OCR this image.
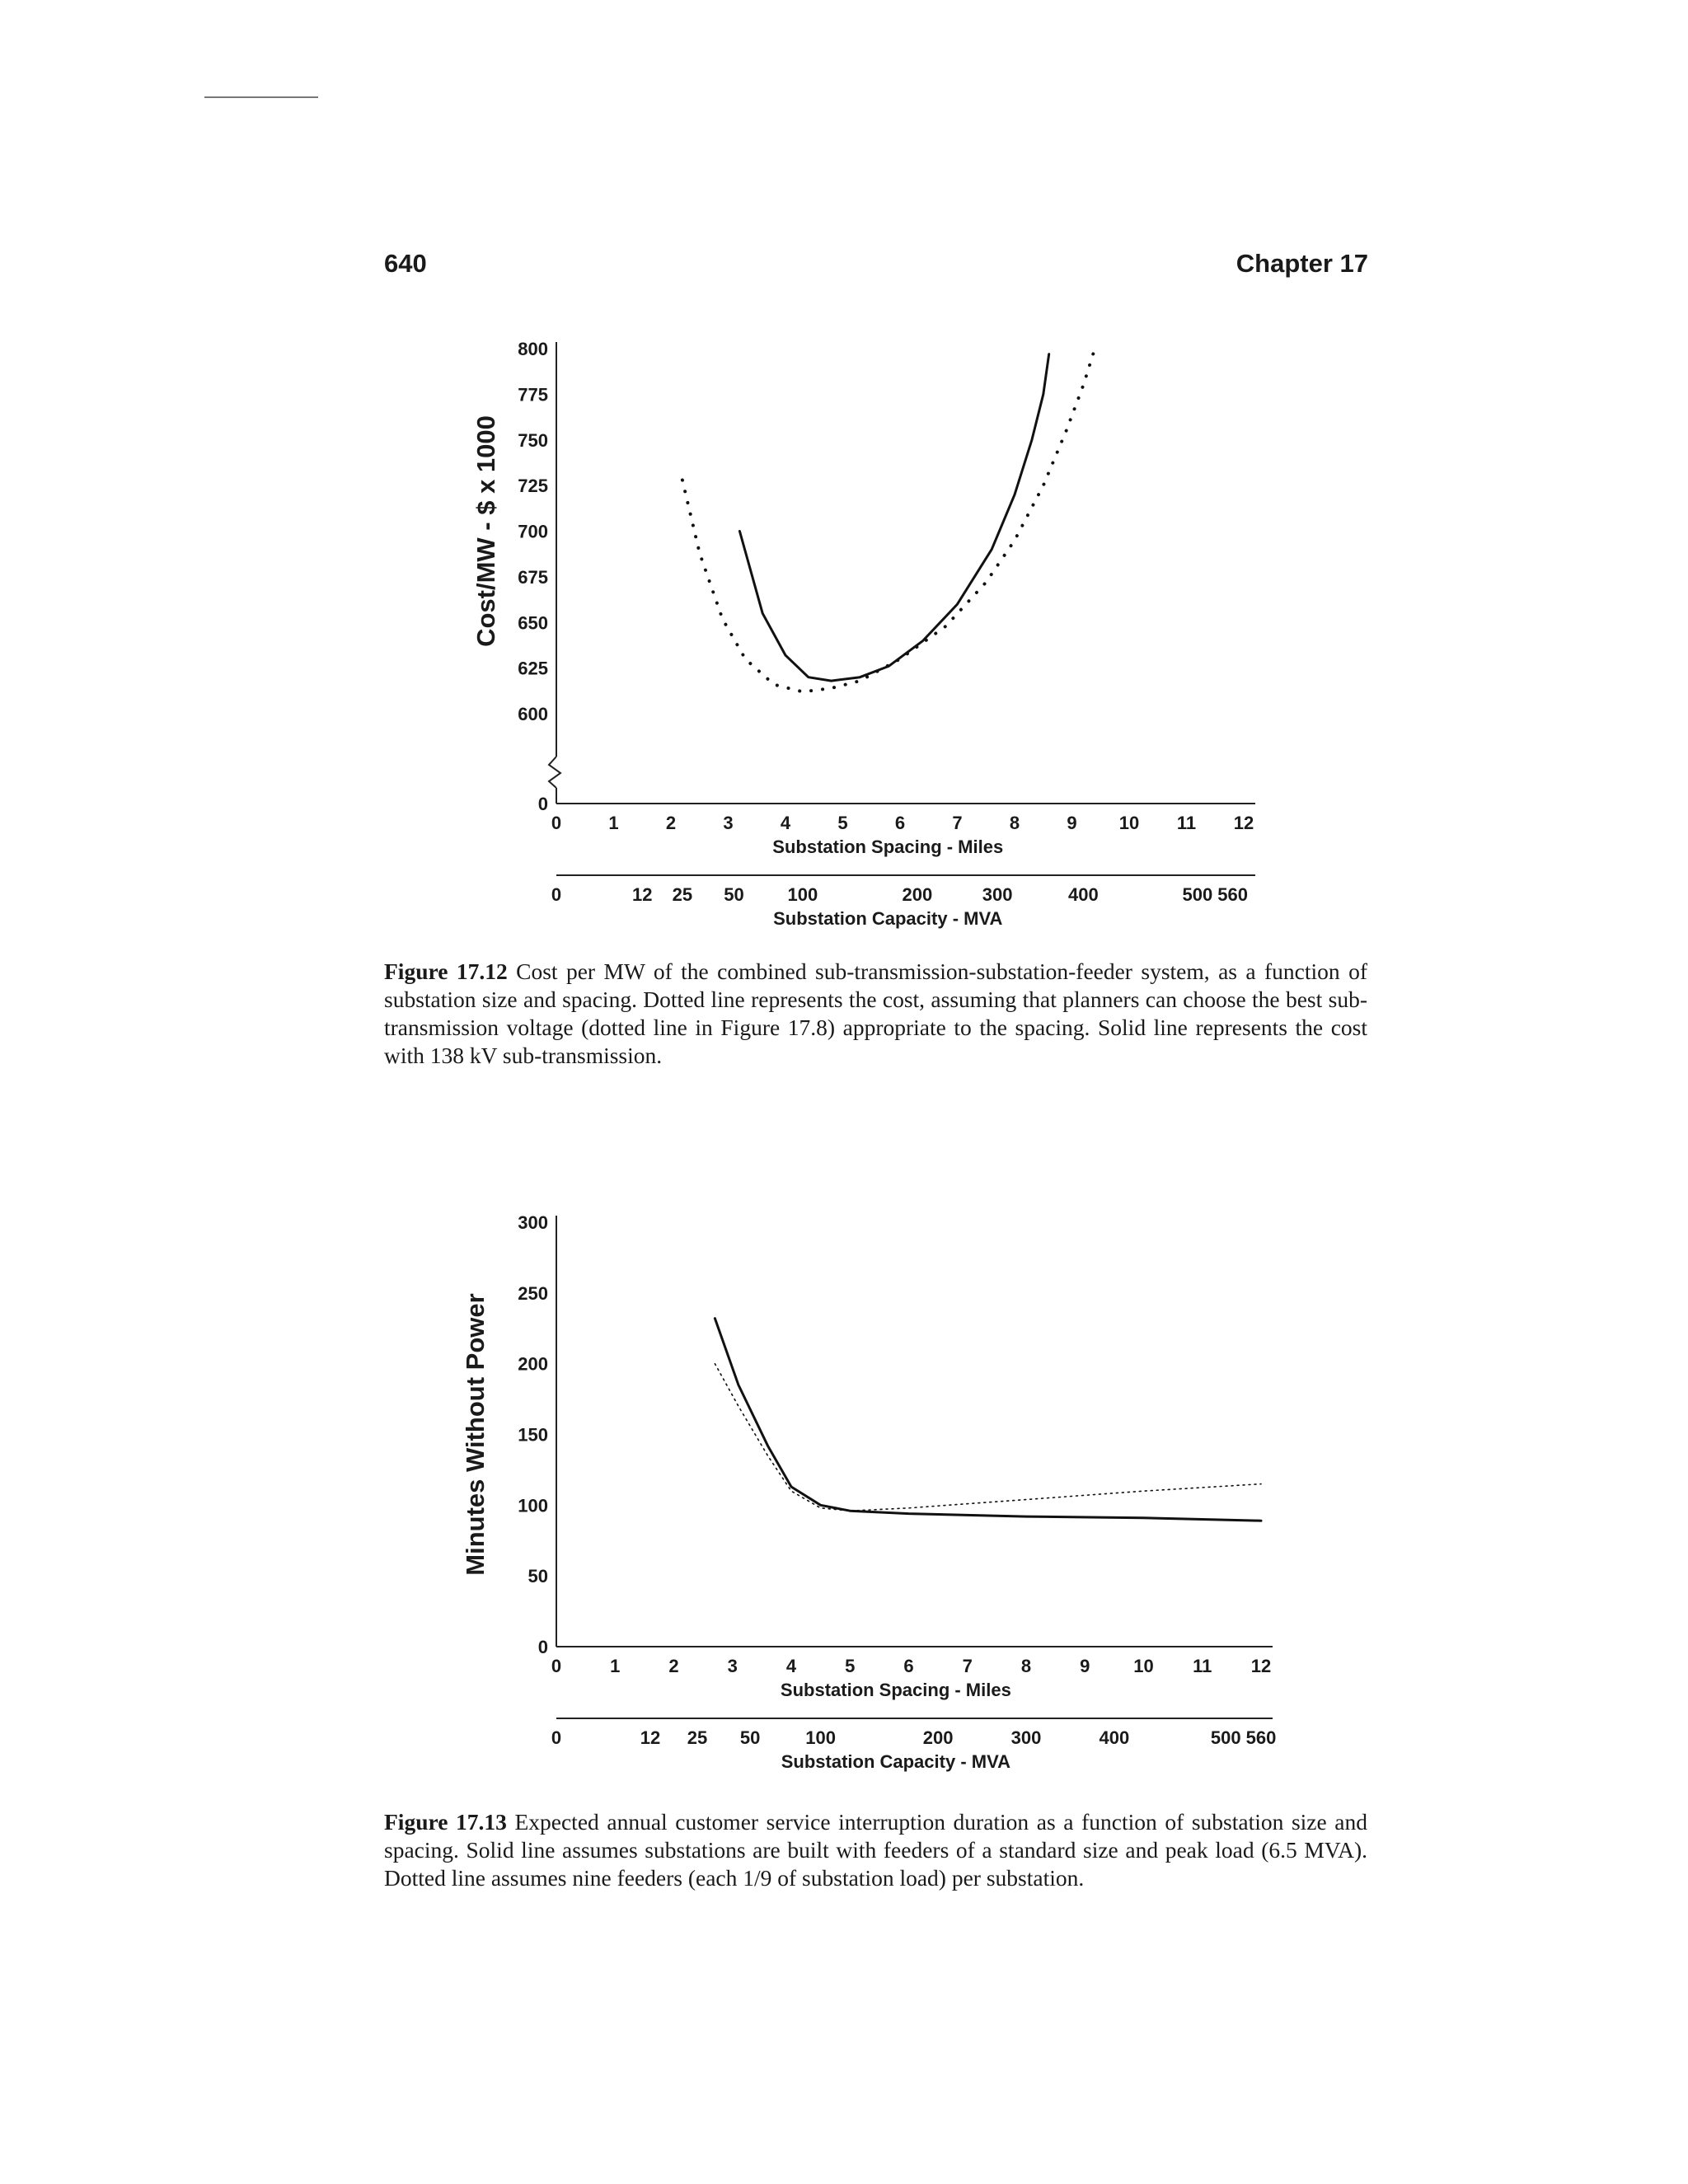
640	Chapter 17
0
600
625
650
675
700
725
750
775
800
0	1	2	3	4	5	6	7	8	9 10 11 12
Substation Spacing - Miles
0	12 25 50 100	200	300	400	500 560
Substation Capacity - MVA
Cost/MW - $ x 1000
Figure 17.12 Cost per MW of the combined sub-transmission-substation-feeder system, as a function of substation size and spacing. Dotted line represents the cost, assuming that planners can choose the best sub-transmission voltage (dotted line in Figure 17.8) appropriate to the spacing. Solid line represents the cost with 138 kV sub-transmission.
0
50
100
150
200
250
300
0	1	2	3	4	5	6	7	8	9 10 11 12
Substation Spacing - Miles
0	12 25 50 100	200	300	400	500 560
Substation Capacity - MVA
Minutes Without Power
Figure 17.13 Expected annual customer service interruption duration as a function of substation size and spacing. Solid line assumes substations are built with feeders of a standard size and peak load (6.5 MVA). Dotted line assumes nine feeders (each 1/9 of substation load) per substation.
